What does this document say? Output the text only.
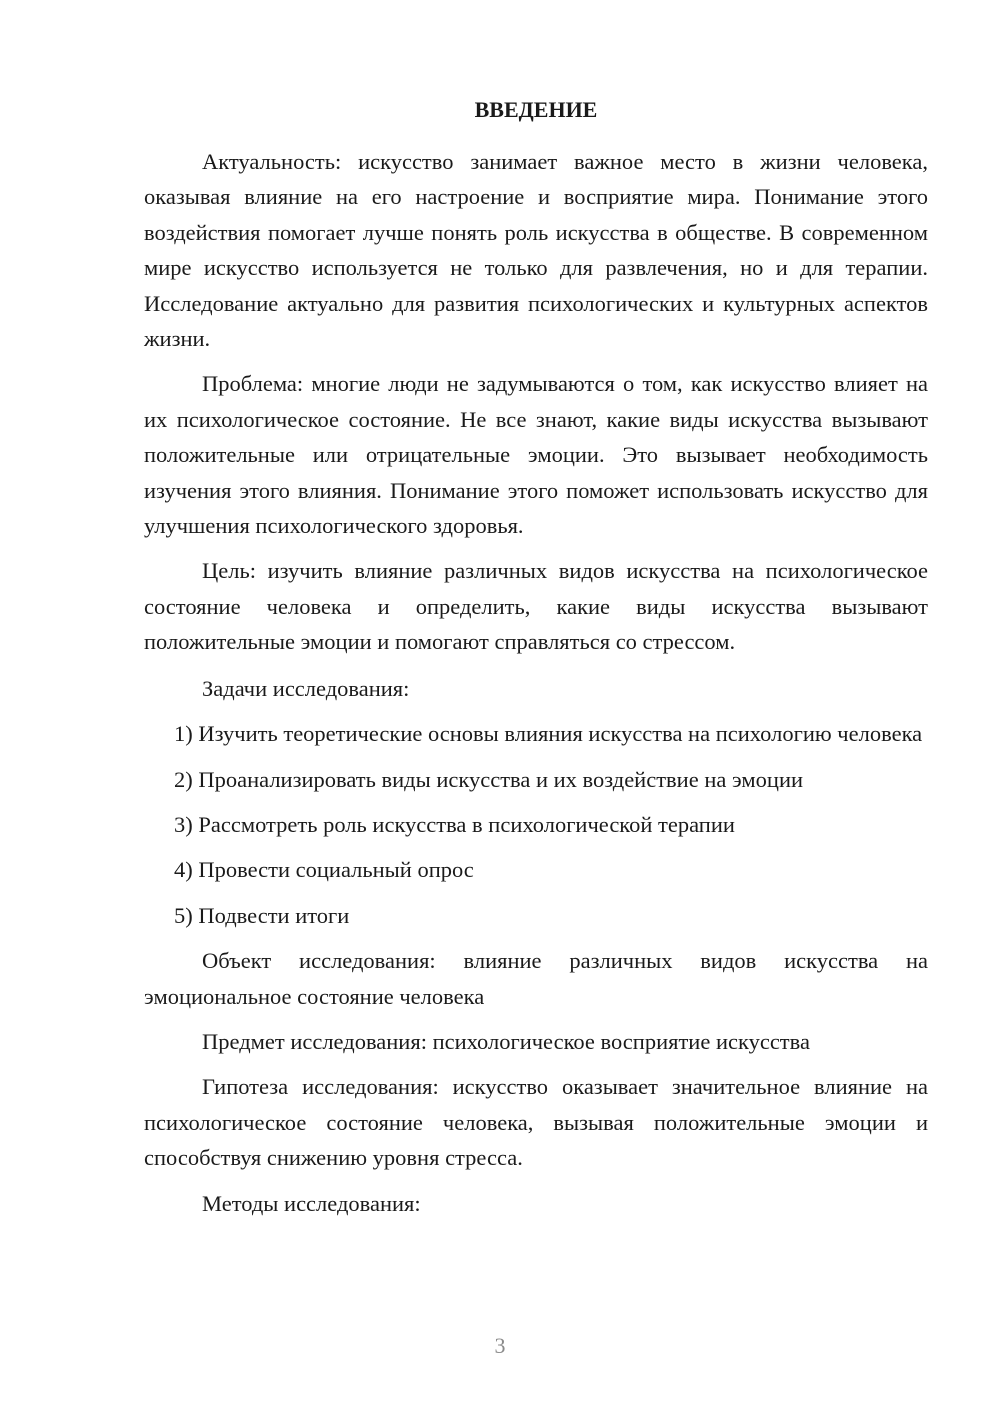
ВВЕДЕНИЕ

Актуальность: искусство занимает важное место в жизни человека, оказывая влияние на его настроение и восприятие мира. Понимание этого воздействия помогает лучше понять роль искусства в обществе. В современном мире искусство используется не только для развлечения, но и для терапии. Исследование актуально для развития психологических и культурных аспектов жизни.

Проблема: многие люди не задумываются о том, как искусство влияет на их психологическое состояние. Не все знают, какие виды искусства вызывают положительные или отрицательные эмоции. Это вызывает необходимость изучения этого влияния. Понимание этого поможет использовать искусство для улучшения психологического здоровья.

Цель: изучить влияние различных видов искусства на психологическое состояние человека и определить, какие виды искусства вызывают положительные эмоции и помогают справляться со стрессом.

Задачи исследования:

1) Изучить теоретические основы влияния искусства на психологию человека

2) Проанализировать виды искусства и их воздействие на эмоции

3) Рассмотреть роль искусства в психологической терапии

4) Провести социальный опрос

5) Подвести итоги

Объект исследования: влияние различных видов искусства на эмоциональное состояние человека

Предмет исследования: психологическое восприятие искусства

Гипотеза исследования: искусство оказывает значительное влияние на психологическое состояние человека, вызывая положительные эмоции и способствуя снижению уровня стресса.

Методы исследования:

3
